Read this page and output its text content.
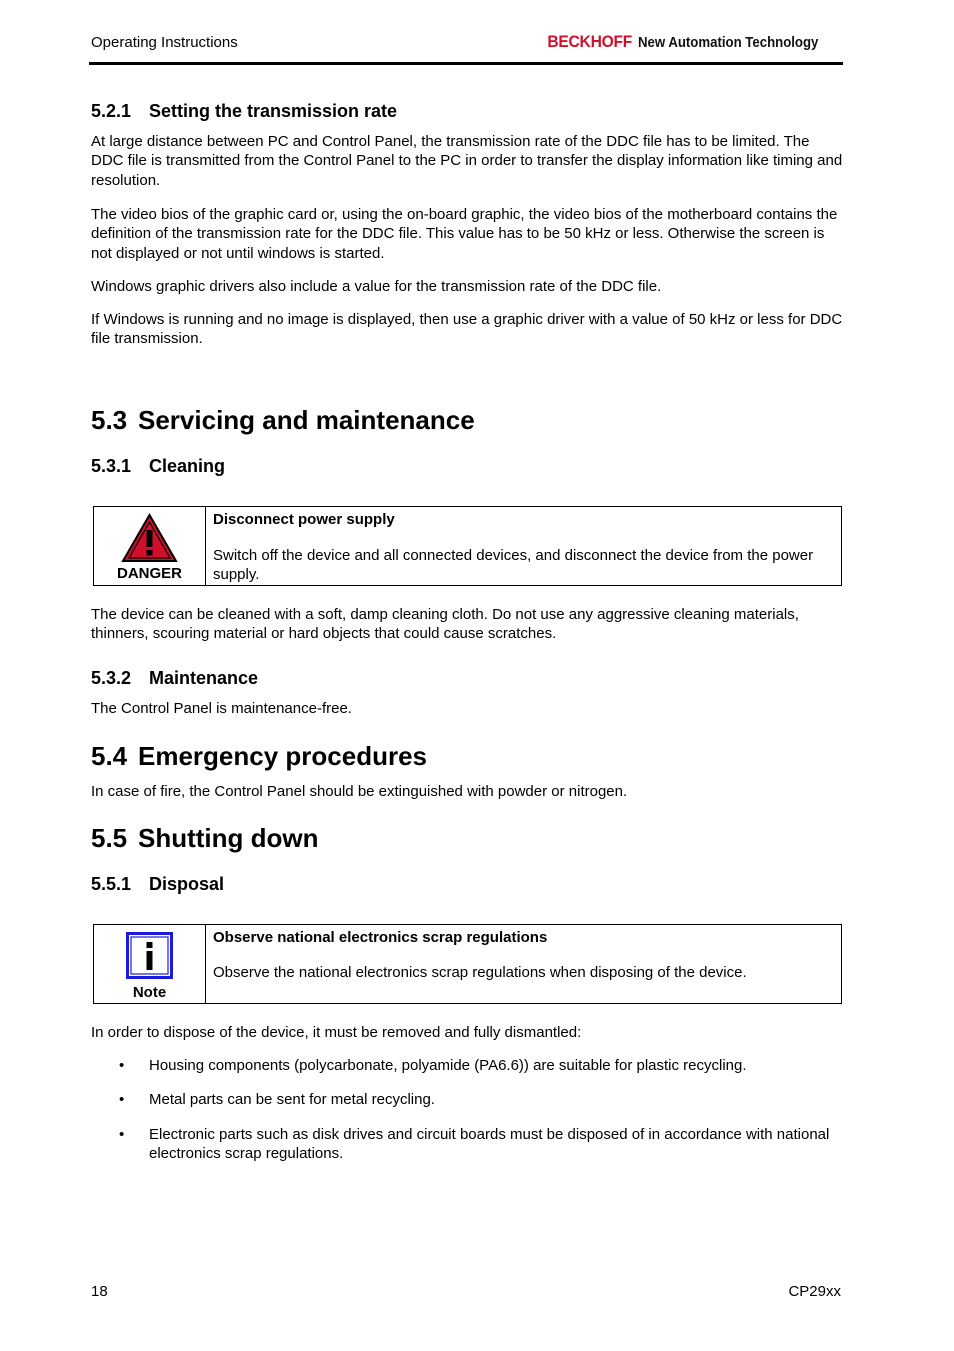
Operating Instructions	BECKHOFF New Automation Technology
5.2.1 Setting the transmission rate
At large distance between PC and Control Panel, the transmission rate of the DDC file has to be limited. The DDC file is transmitted from the Control Panel to the PC in order to transfer the display information like timing and resolution.
The video bios of the graphic card or, using the on-board graphic, the video bios of the motherboard contains the definition of the transmission rate for the DDC file. This value has to be 50 kHz or less. Otherwise the screen is not displayed or not until windows is started.
Windows graphic drivers also include a value for the transmission rate of the DDC file.
If Windows is running and no image is displayed, then use a graphic driver with a value of 50 kHz or less for DDC file transmission.
5.3 Servicing and maintenance
5.3.1 Cleaning
DANGER
Disconnect power supply
Switch off the device and all connected devices, and disconnect the device from the power supply.
The device can be cleaned with a soft, damp cleaning cloth. Do not use any aggressive cleaning materials, thinners, scouring material or hard objects that could cause scratches.
5.3.2 Maintenance
The Control Panel is maintenance-free.
5.4 Emergency procedures
In case of fire, the Control Panel should be extinguished with powder or nitrogen.
5.5 Shutting down
5.5.1 Disposal
Note
Observe national electronics scrap regulations
Observe the national electronics scrap regulations when disposing of the device.
In order to dispose of the device, it must be removed and fully dismantled:
• Housing components (polycarbonate, polyamide (PA6.6)) are suitable for plastic recycling.
• Metal parts can be sent for metal recycling.
• Electronic parts such as disk drives and circuit boards must be disposed of in accordance with national electronics scrap regulations.
18	CP29xx
